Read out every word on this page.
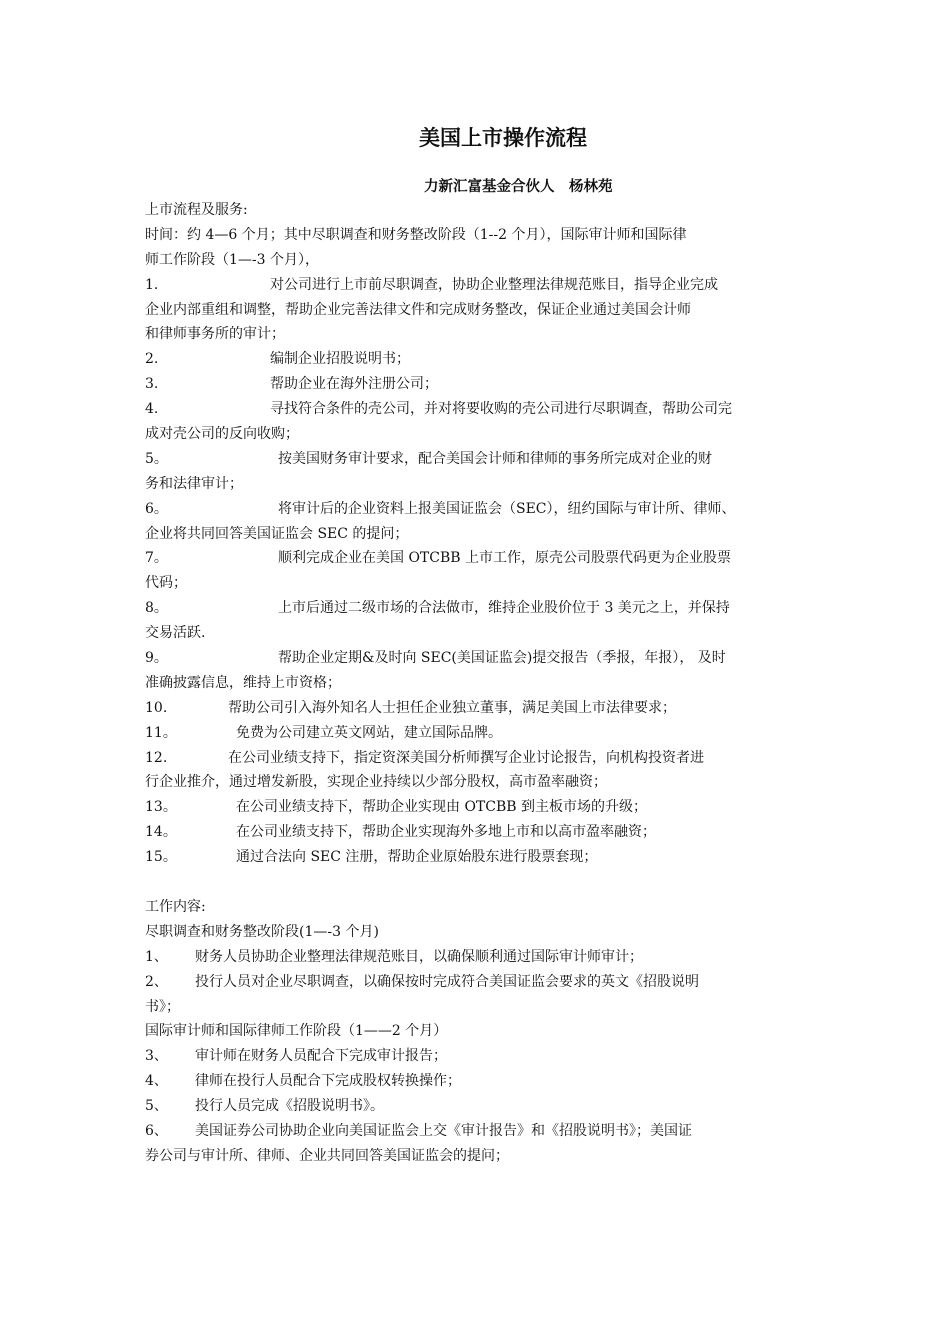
美国上市操作流程
力新汇富基金合伙人　杨林苑
上市流程及服务:
时间：约 4—6 个月；其中尽职调查和财务整改阶段（1--2 个月），国际审计师和国际律
师工作阶段（1—-3 个月），
1.	对公司进行上市前尽职调查，协助企业整理法律规范账目，指导企业完成
企业内部重组和调整，帮助企业完善法律文件和完成财务整改，保证企业通过美国会计师
和律师事务所的审计；
2.	编制企业招股说明书；
3.	帮助企业在海外注册公司；
4.	寻找符合条件的壳公司，并对将要收购的壳公司进行尽职调查，帮助公司完
成对壳公司的反向收购；
5。	按美国财务审计要求，配合美国会计师和律师的事务所完成对企业的财
务和法律审计；
6。	将审计后的企业资料上报美国证监会（SEC），纽约国际与审计所、律师、
企业将共同回答美国证监会 SEC 的提问；
7。	顺利完成企业在美国 OTCBB 上市工作，原壳公司股票代码更为企业股票
代码；
8。	上市后通过二级市场的合法做市，维持企业股价位于 3 美元之上，并保持
交易活跃.
9。	帮助企业定期&及时向 SEC(美国证监会)提交报告（季报，年报）， 及时
准确披露信息，维持上市资格；
10.	帮助公司引入海外知名人士担任企业独立董事，满足美国上市法律要求；
11。	免费为公司建立英文网站，建立国际品牌。
12.	在公司业绩支持下，指定资深美国分析师撰写企业讨论报告，向机构投资者进
行企业推介，通过增发新股，实现企业持续以少部分股权，高市盈率融资；
13。	在公司业绩支持下，帮助企业实现由 OTCBB 到主板市场的升级；
14。	在公司业绩支持下，帮助企业实现海外多地上市和以高市盈率融资；
15。	通过合法向 SEC 注册，帮助企业原始股东进行股票套现；
工作内容:
尽职调查和财务整改阶段(1—-3 个月)
1、 财务人员协助企业整理法律规范账目，以确保顺利通过国际审计师审计；
2、 投行人员对企业尽职调查，以确保按时完成符合美国证监会要求的英文《招股说明
书》；
国际审计师和国际律师工作阶段（1——2 个月）
3、 审计师在财务人员配合下完成审计报告；
4、 律师在投行人员配合下完成股权转换操作；
5、 投行人员完成《招股说明书》。
6、 美国证券公司协助企业向美国证监会上交《审计报告》和《招股说明书》；美国证
券公司与审计所、律师、企业共同回答美国证监会的提问；
